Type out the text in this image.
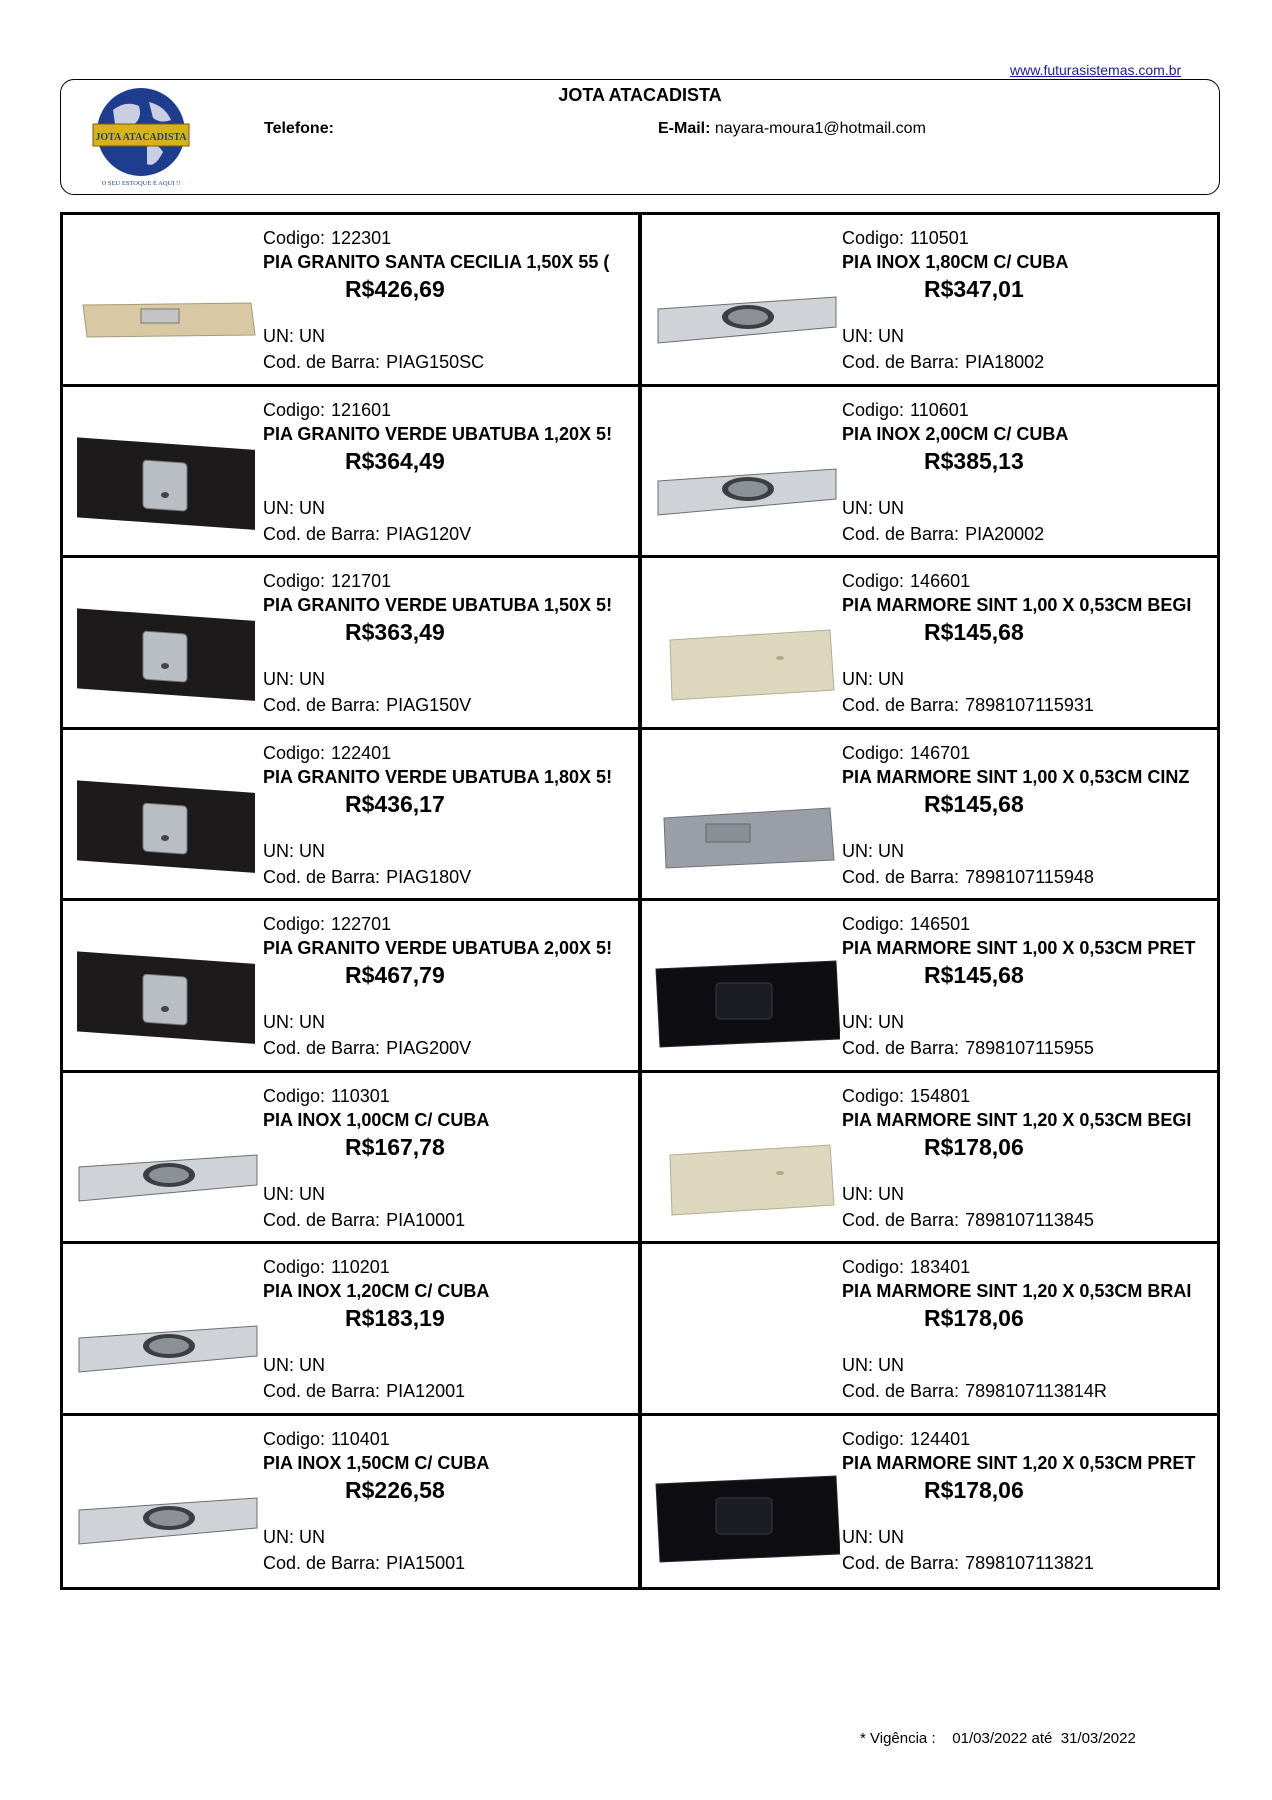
www.futurasistemas.com.br
JOTA ATACADISTA
O SEU ESTOQUE É AQUI !!
JOTA ATACADISTA
Telefone:	E-Mail: nayara-moura1@hotmail.com
Codigo: 122301
PIA GRANITO SANTA CECILIA 1,50X 55 (
R$426,69
UN: UN
Cod. de Barra: PIAG150SC
Codigo: 110501
PIA INOX 1,80CM C/ CUBA
R$347,01
UN: UN
Cod. de Barra: PIA18002
Codigo: 121601
PIA GRANITO VERDE UBATUBA 1,20X 5!
R$364,49
UN: UN
Cod. de Barra: PIAG120V
Codigo: 110601
PIA INOX 2,00CM C/ CUBA
R$385,13
UN: UN
Cod. de Barra: PIA20002
Codigo: 121701
PIA GRANITO VERDE UBATUBA 1,50X 5!
R$363,49
UN: UN
Cod. de Barra: PIAG150V
Codigo: 146601
PIA MARMORE SINT 1,00 X 0,53CM BEGI
R$145,68
UN: UN
Cod. de Barra: 7898107115931
Codigo: 122401
PIA GRANITO VERDE UBATUBA 1,80X 5!
R$436,17
UN: UN
Cod. de Barra: PIAG180V
Codigo: 146701
PIA MARMORE SINT 1,00 X 0,53CM CINZ
R$145,68
UN: UN
Cod. de Barra: 7898107115948
Codigo: 122701
PIA GRANITO VERDE UBATUBA 2,00X 5!
R$467,79
UN: UN
Cod. de Barra: PIAG200V
Codigo: 146501
PIA MARMORE SINT 1,00 X 0,53CM PRET
R$145,68
UN: UN
Cod. de Barra: 7898107115955
Codigo: 110301
PIA INOX 1,00CM C/ CUBA
R$167,78
UN: UN
Cod. de Barra: PIA10001
Codigo: 154801
PIA MARMORE SINT 1,20 X 0,53CM BEGI
R$178,06
UN: UN
Cod. de Barra: 7898107113845
Codigo: 110201
PIA INOX 1,20CM C/ CUBA
R$183,19
UN: UN
Cod. de Barra: PIA12001
Codigo: 183401
PIA MARMORE SINT 1,20 X 0,53CM BRAI
R$178,06
UN: UN
Cod. de Barra: 7898107113814R
Codigo: 110401
PIA INOX 1,50CM C/ CUBA
R$226,58
UN: UN
Cod. de Barra: PIA15001
Codigo: 124401
PIA MARMORE SINT 1,20 X 0,53CM PRET
R$178,06
UN: UN
Cod. de Barra: 7898107113821
* Vigência : 01/03/2022 até 31/03/2022
